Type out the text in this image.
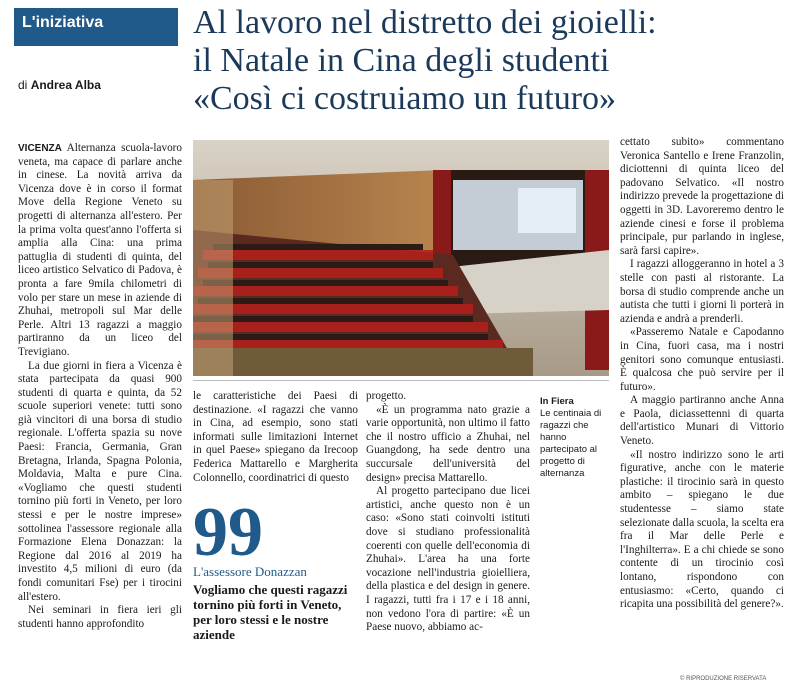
L'iniziativa
di Andrea Alba
Al lavoro nel distretto dei gioielli:
il Natale in Cina degli studenti
«Così ci costruiamo un futuro»

VICENZA Alternanza scuola-lavoro veneta, ma capace di parlare anche in cinese. La novità arriva da Vicenza dove è in corso il format Move della Regione Veneto su progetti di alternanza all'estero. Per la prima volta quest'anno l'offerta si amplia alla Cina: una prima pattuglia di studenti di quinta, del liceo artistico Selvatico di Padova, è pronta a fare 9mila chilometri di volo per stare un mese in aziende di Zhuhai, metropoli sul Mar delle Perle. Altri 13 ragazzi a maggio partiranno da un liceo del Trevigiano.

La due giorni in fiera a Vicenza è stata partecipata da quasi 900 studenti di quarta e quinta, da 52 scuole superiori venete: tutti sono già vincitori di una borsa di studio regionale. L'offerta spazia su nove Paesi: Francia, Germania, Gran Bretagna, Irlanda, Spagna Polonia, Moldavia, Malta e pure Cina. «Vogliamo che questi studenti tornino più forti in Veneto, per loro stessi e per le nostre imprese» sottolinea l'assessore regionale alla Formazione Elena Donazzan: la Regione dal 2016 al 2019 ha investito 4,5 milioni di euro (da fondi comunitari Fse) per i tirocini all'estero.

Nei seminari in fiera ieri gli studenti hanno approfondito

le caratteristiche dei Paesi di destinazione. «I ragazzi che vanno in Cina, ad esempio, sono stati informati sulle limitazioni Internet in quel Paese» spiegano da Irecoop Federica Mattarello e Margherita Colonnello, coordinatrici di questo

99
L'assessore Donazzan
Vogliamo che questi ragazzi tornino più forti in Veneto, per loro stessi e le nostre aziende

progetto.

«È un programma nato grazie a varie opportunità, non ultimo il fatto che il nostro ufficio a Zhuhai, nel Guangdong, ha sede dentro una succursale dell'università del design» precisa Mattarello.

Al progetto partecipano due licei artistici, anche questo non è un caso: «Sono stati coinvolti istituti dove si studiano professionalità coerenti con quelle dell'economia di Zhuhai». L'area ha una forte vocazione nell'industria gioielliera, della plastica e del design in genere. I ragazzi, tutti fra i 17 e i 18 anni, non vedono l'ora di partire: «È un Paese nuovo, abbiamo ac-

In Fiera
Le centinaia di ragazzi che hanno partecipato al progetto di alternanza

cettato subito» commentano Veronica Santello e Irene Franzolin, diciottenni di quinta liceo del padovano Selvatico. «Il nostro indirizzo prevede la progettazione di oggetti in 3D. Lavoreremo dentro le aziende cinesi e forse il problema principale, pur parlando in inglese, sarà farsi capire».

I ragazzi alloggeranno in hotel a 3 stelle con pasti al ristorante. La borsa di studio comprende anche un autista che tutti i giorni li porterà in azienda e andrà a prenderli.

«Passeremo Natale e Capodanno in Cina, fuori casa, ma i nostri genitori sono comunque entusiasti. È qualcosa che può servire per il futuro».

A maggio partiranno anche Anna e Paola, diciassettenni di quarta dell'artistico Munari di Vittorio Veneto.

«Il nostro indirizzo sono le arti figurative, anche con le materie plastiche: il tirocinio sarà in questo ambito – spiegano le due studentesse – siamo state selezionate dalla scuola, la scelta era fra il Mar delle Perle e l'Inghilterra». E a chi chiede se sono contente di un tirocinio così lontano, rispondono con entusiasmo: «Certo, quando ci ricapita una possibilità del genere?».

© RIPRODUZIONE RISERVATA
